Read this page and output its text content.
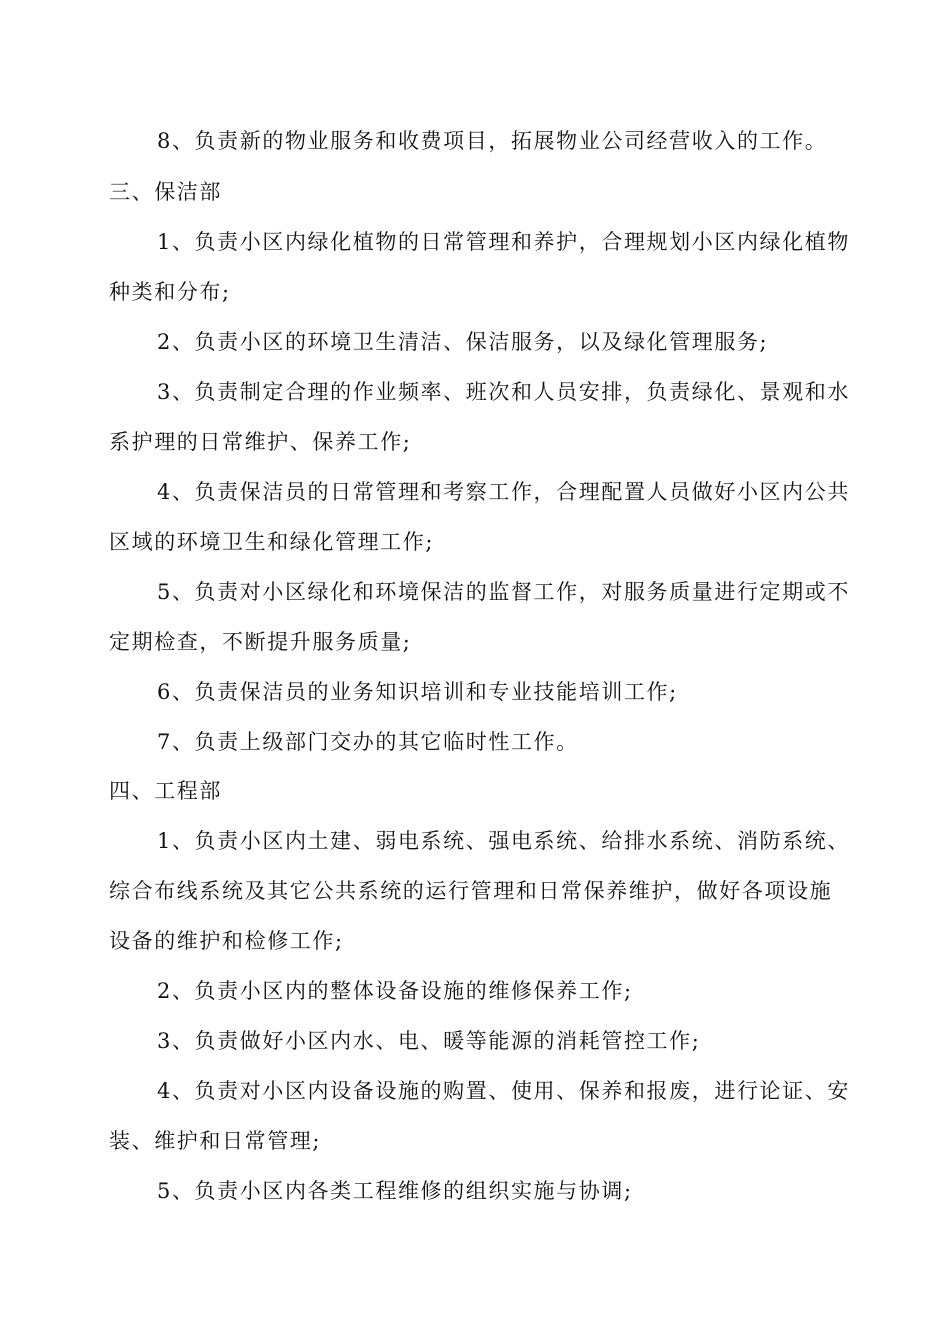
8、负责新的物业服务和收费项目，拓展物业公司经营收入的工作。
三、保洁部
1、负责小区内绿化植物的日常管理和养护，合理规划小区内绿化植物
种类和分布;
2、负责小区的环境卫生清洁、保洁服务，以及绿化管理服务;
3、负责制定合理的作业频率、班次和人员安排，负责绿化、景观和水
系护理的日常维护、保养工作;
4、负责保洁员的日常管理和考察工作，合理配置人员做好小区内公共
区域的环境卫生和绿化管理工作;
5、负责对小区绿化和环境保洁的监督工作，对服务质量进行定期或不
定期检查，不断提升服务质量;
6、负责保洁员的业务知识培训和专业技能培训工作;
7、负责上级部门交办的其它临时性工作。
四、工程部
1、负责小区内土建、弱电系统、强电系统、给排水系统、消防系统、
综合布线系统及其它公共系统的运行管理和日常保养维护，做好各项设施
设备的维护和检修工作;
2、负责小区内的整体设备设施的维修保养工作;
3、负责做好小区内水、电、暖等能源的消耗管控工作;
4、负责对小区内设备设施的购置、使用、保养和报废，进行论证、安
装、维护和日常管理;
5、负责小区内各类工程维修的组织实施与协调;
